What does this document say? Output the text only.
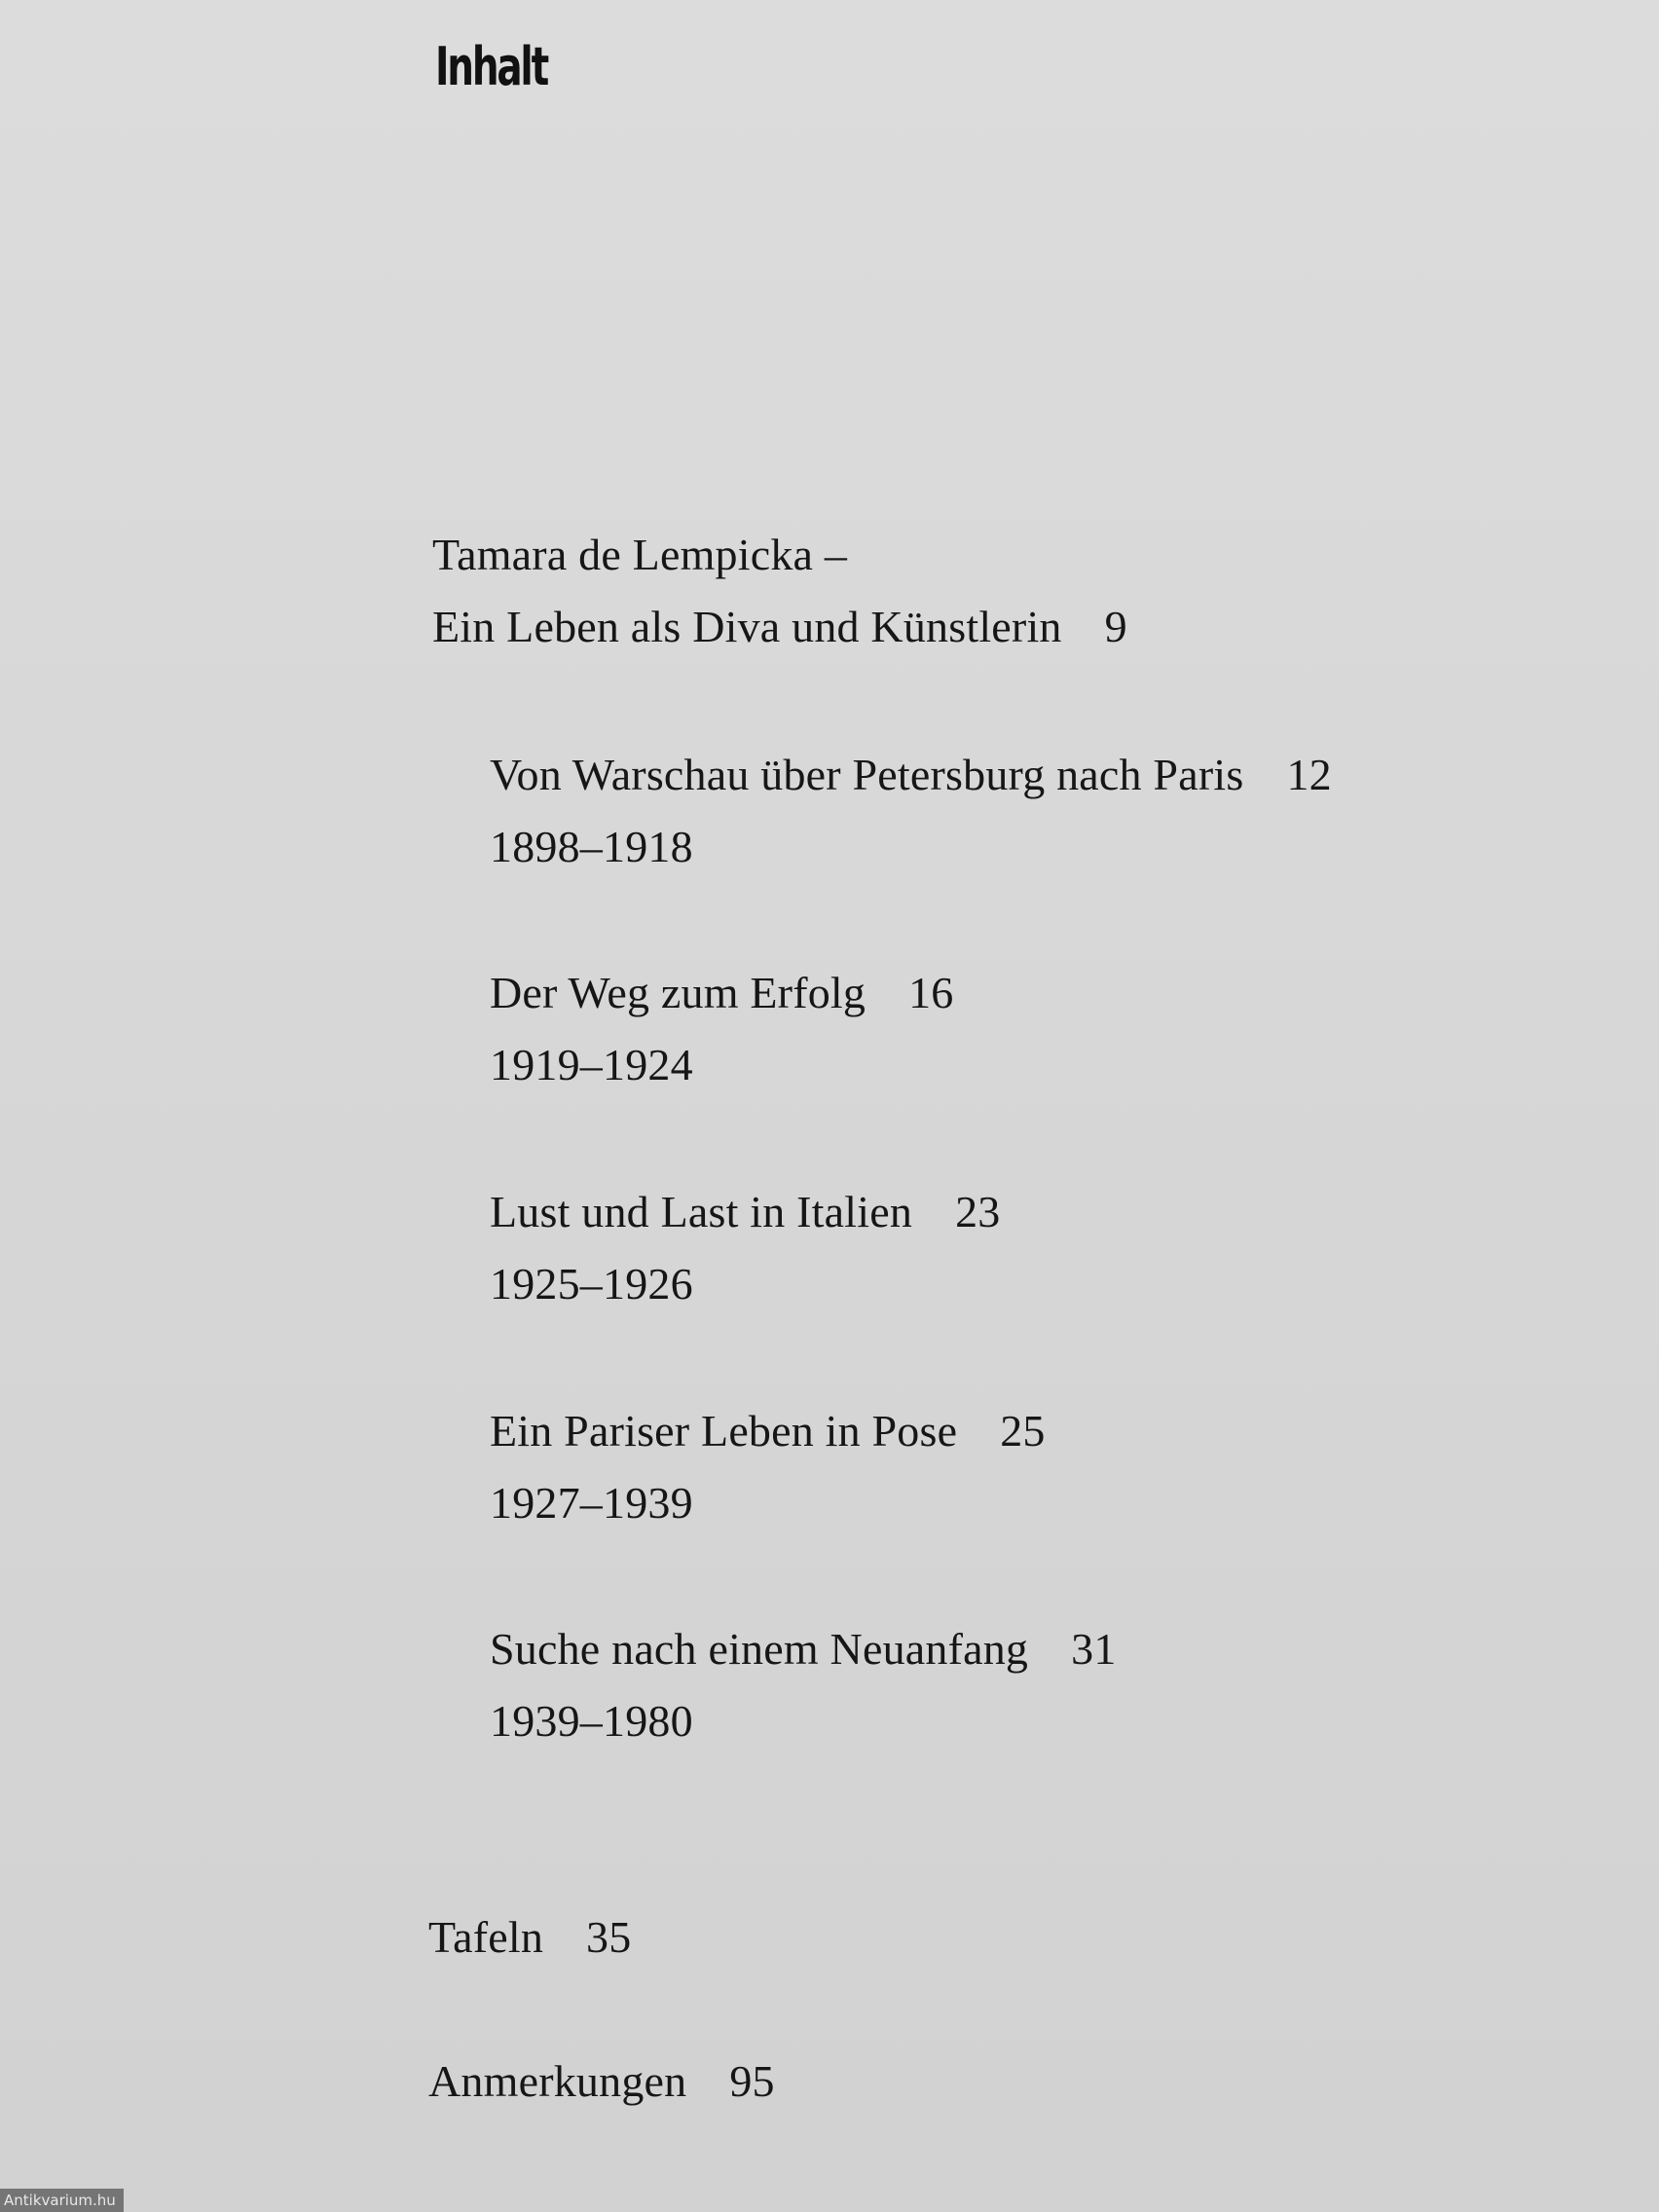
Inhalt
Tamara de Lempicka –
Ein Leben als Diva und Künstlerin 9
Von Warschau über Petersburg nach Paris 12
1898–1918
Der Weg zum Erfolg 16
1919–1924
Lust und Last in Italien 23
1925–1926
Ein Pariser Leben in Pose 25
1927–1939
Suche nach einem Neuanfang 31
1939–1980
Tafeln 35
Anmerkungen 95
Antikvarium.hu
